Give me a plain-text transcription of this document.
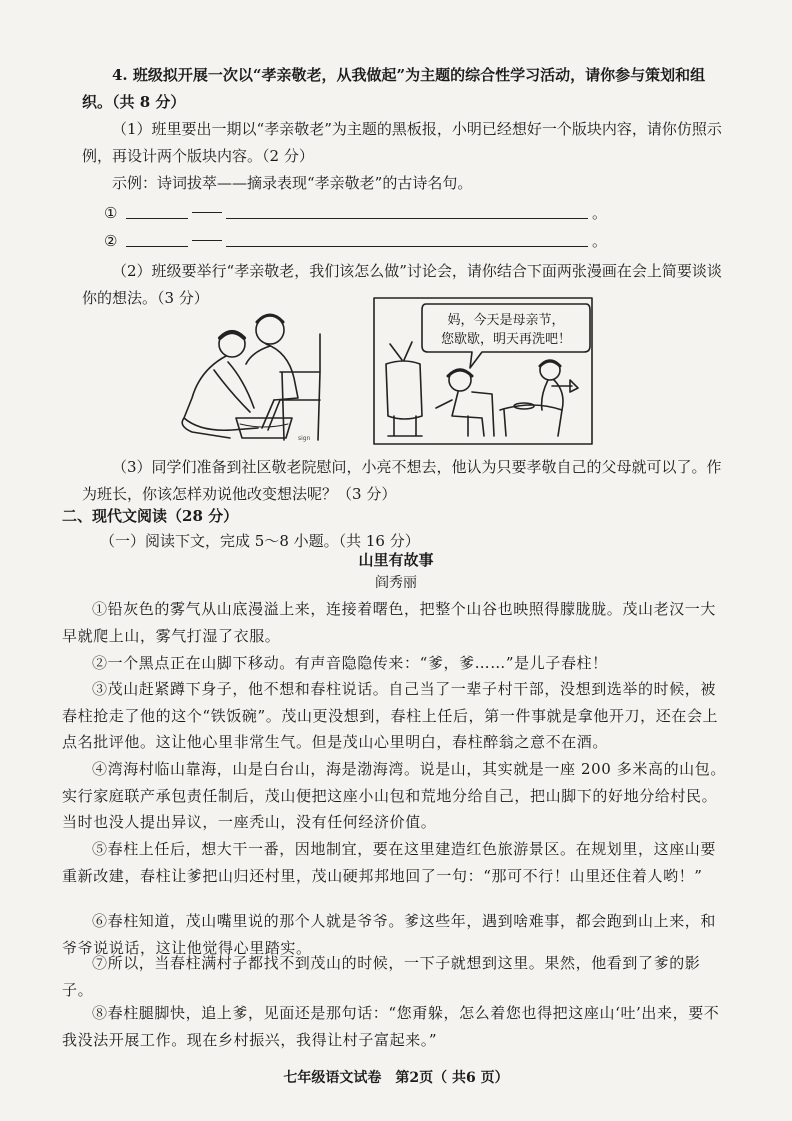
4. 班级拟开展一次以“孝亲敬老，从我做起”为主题的综合性学习活动，请你参与策划和组织。（共 8 分）

（1）班里要出一期以“孝亲敬老”为主题的黑板报，小明已经想好一个版块内容，请你仿照示例，再设计两个版块内容。（2 分）

示例：诗词拔萃——摘录表现“孝亲敬老”的古诗名句。

①	。
②	。

（2）班级要举行“孝亲敬老，我们该怎么做”讨论会，请你结合下面两张漫画在会上简要谈谈你的想法。（3 分）

sign
妈，今天是母亲节，
您歇歇，明天再洗吧！

（3）同学们准备到社区敬老院慰问，小亮不想去，他认为只要孝敬自己的父母就可以了。作为班长，你该怎样劝说他改变想法呢？（3 分）

二、现代文阅读（28 分）

（一）阅读下文，完成 5～8 小题。（共 16 分）

山里有故事
阎秀丽

①铅灰色的雾气从山底漫溢上来，连接着曙色，把整个山谷也映照得朦胧胧。茂山老汉一大早就爬上山，雾气打湿了衣服。

②一个黑点正在山脚下移动。有声音隐隐传来：“爹，爹……”是儿子春柱！

③茂山赶紧蹲下身子，他不想和春柱说话。自己当了一辈子村干部，没想到选举的时候，被春柱抢走了他的这个“铁饭碗”。茂山更没想到，春柱上任后，第一件事就是拿他开刀，还在会上点名批评他。这让他心里非常生气。但是茂山心里明白，春柱醉翁之意不在酒。

④湾海村临山靠海，山是白台山，海是渤海湾。说是山，其实就是一座 200 多米高的山包。实行家庭联产承包责任制后，茂山便把这座小山包和荒地分给自己，把山脚下的好地分给村民。当时也没人提出异议，一座秃山，没有任何经济价值。

⑤春柱上任后，想大干一番，因地制宜，要在这里建造红色旅游景区。在规划里，这座山要重新改建，春柱让爹把山归还村里，茂山硬邦邦地回了一句：“那可不行！山里还住着人哟！”

⑥春柱知道，茂山嘴里说的那个人就是爷爷。爹这些年，遇到啥难事，都会跑到山上来，和爷爷说说话，这让他觉得心里踏实。

⑦所以，当春柱满村子都找不到茂山的时候，一下子就想到这里。果然，他看到了爹的影子。

⑧春柱腿脚快，追上爹，见面还是那句话：“您甭躲，怎么着您也得把这座山‘吐’出来，要不我没法开展工作。现在乡村振兴，我得让村子富起来。”

七年级语文试卷　第2页（ 共6 页）
